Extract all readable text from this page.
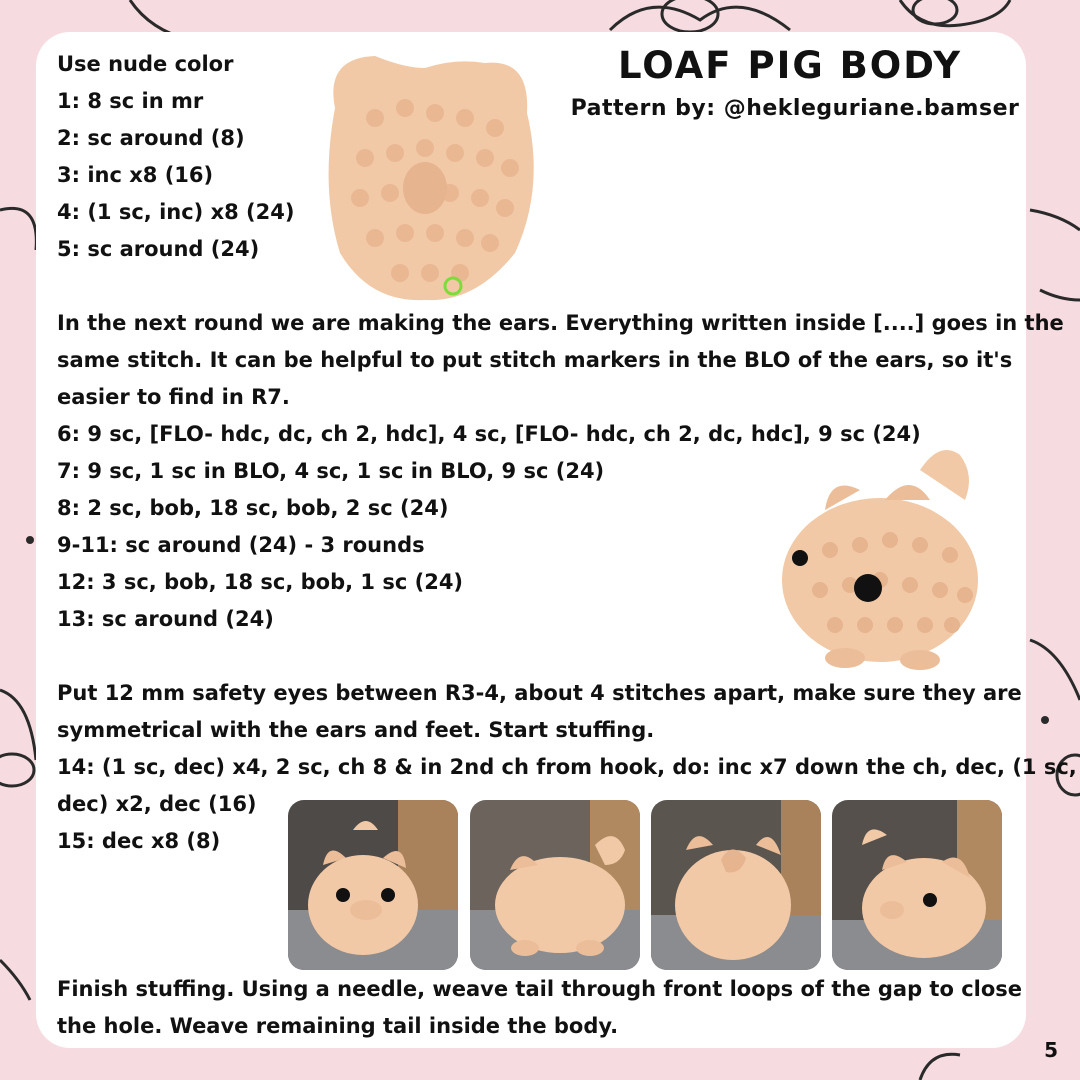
LOAF PIG BODY
Pattern by: @hekleguriane.bamser
Use nude color
1: 8 sc in mr
2: sc around (8)
3: inc x8 (16)
4: (1 sc, inc) x8 (24)
5: sc around (24)
In the next round we are making the ears. Everything written inside [....] goes in the
same stitch. It can be helpful to put stitch markers in the BLO of the ears, so it's
easier to find in R7.
6: 9 sc, [FLO- hdc, dc, ch 2, hdc], 4 sc, [FLO- hdc, ch 2, dc, hdc], 9 sc (24)
7: 9 sc, 1 sc in BLO, 4 sc, 1 sc in BLO, 9 sc (24)
8: 2 sc, bob, 18 sc, bob, 2 sc (24)
9-11: sc around (24) - 3 rounds
12: 3 sc, bob, 18 sc, bob, 1 sc (24)
13: sc around (24)
Put 12 mm safety eyes between R3-4, about 4 stitches apart, make sure they are
symmetrical with the ears and feet. Start stuffing.
14: (1 sc, dec) x4, 2 sc, ch 8 & in 2nd ch from hook, do: inc x7 down the ch, dec, (1 sc,
dec) x2, dec (16)
15: dec x8 (8)
Finish stuffing. Using a needle, weave tail through front loops of the gap to close
the hole. Weave remaining tail inside the body.
5
